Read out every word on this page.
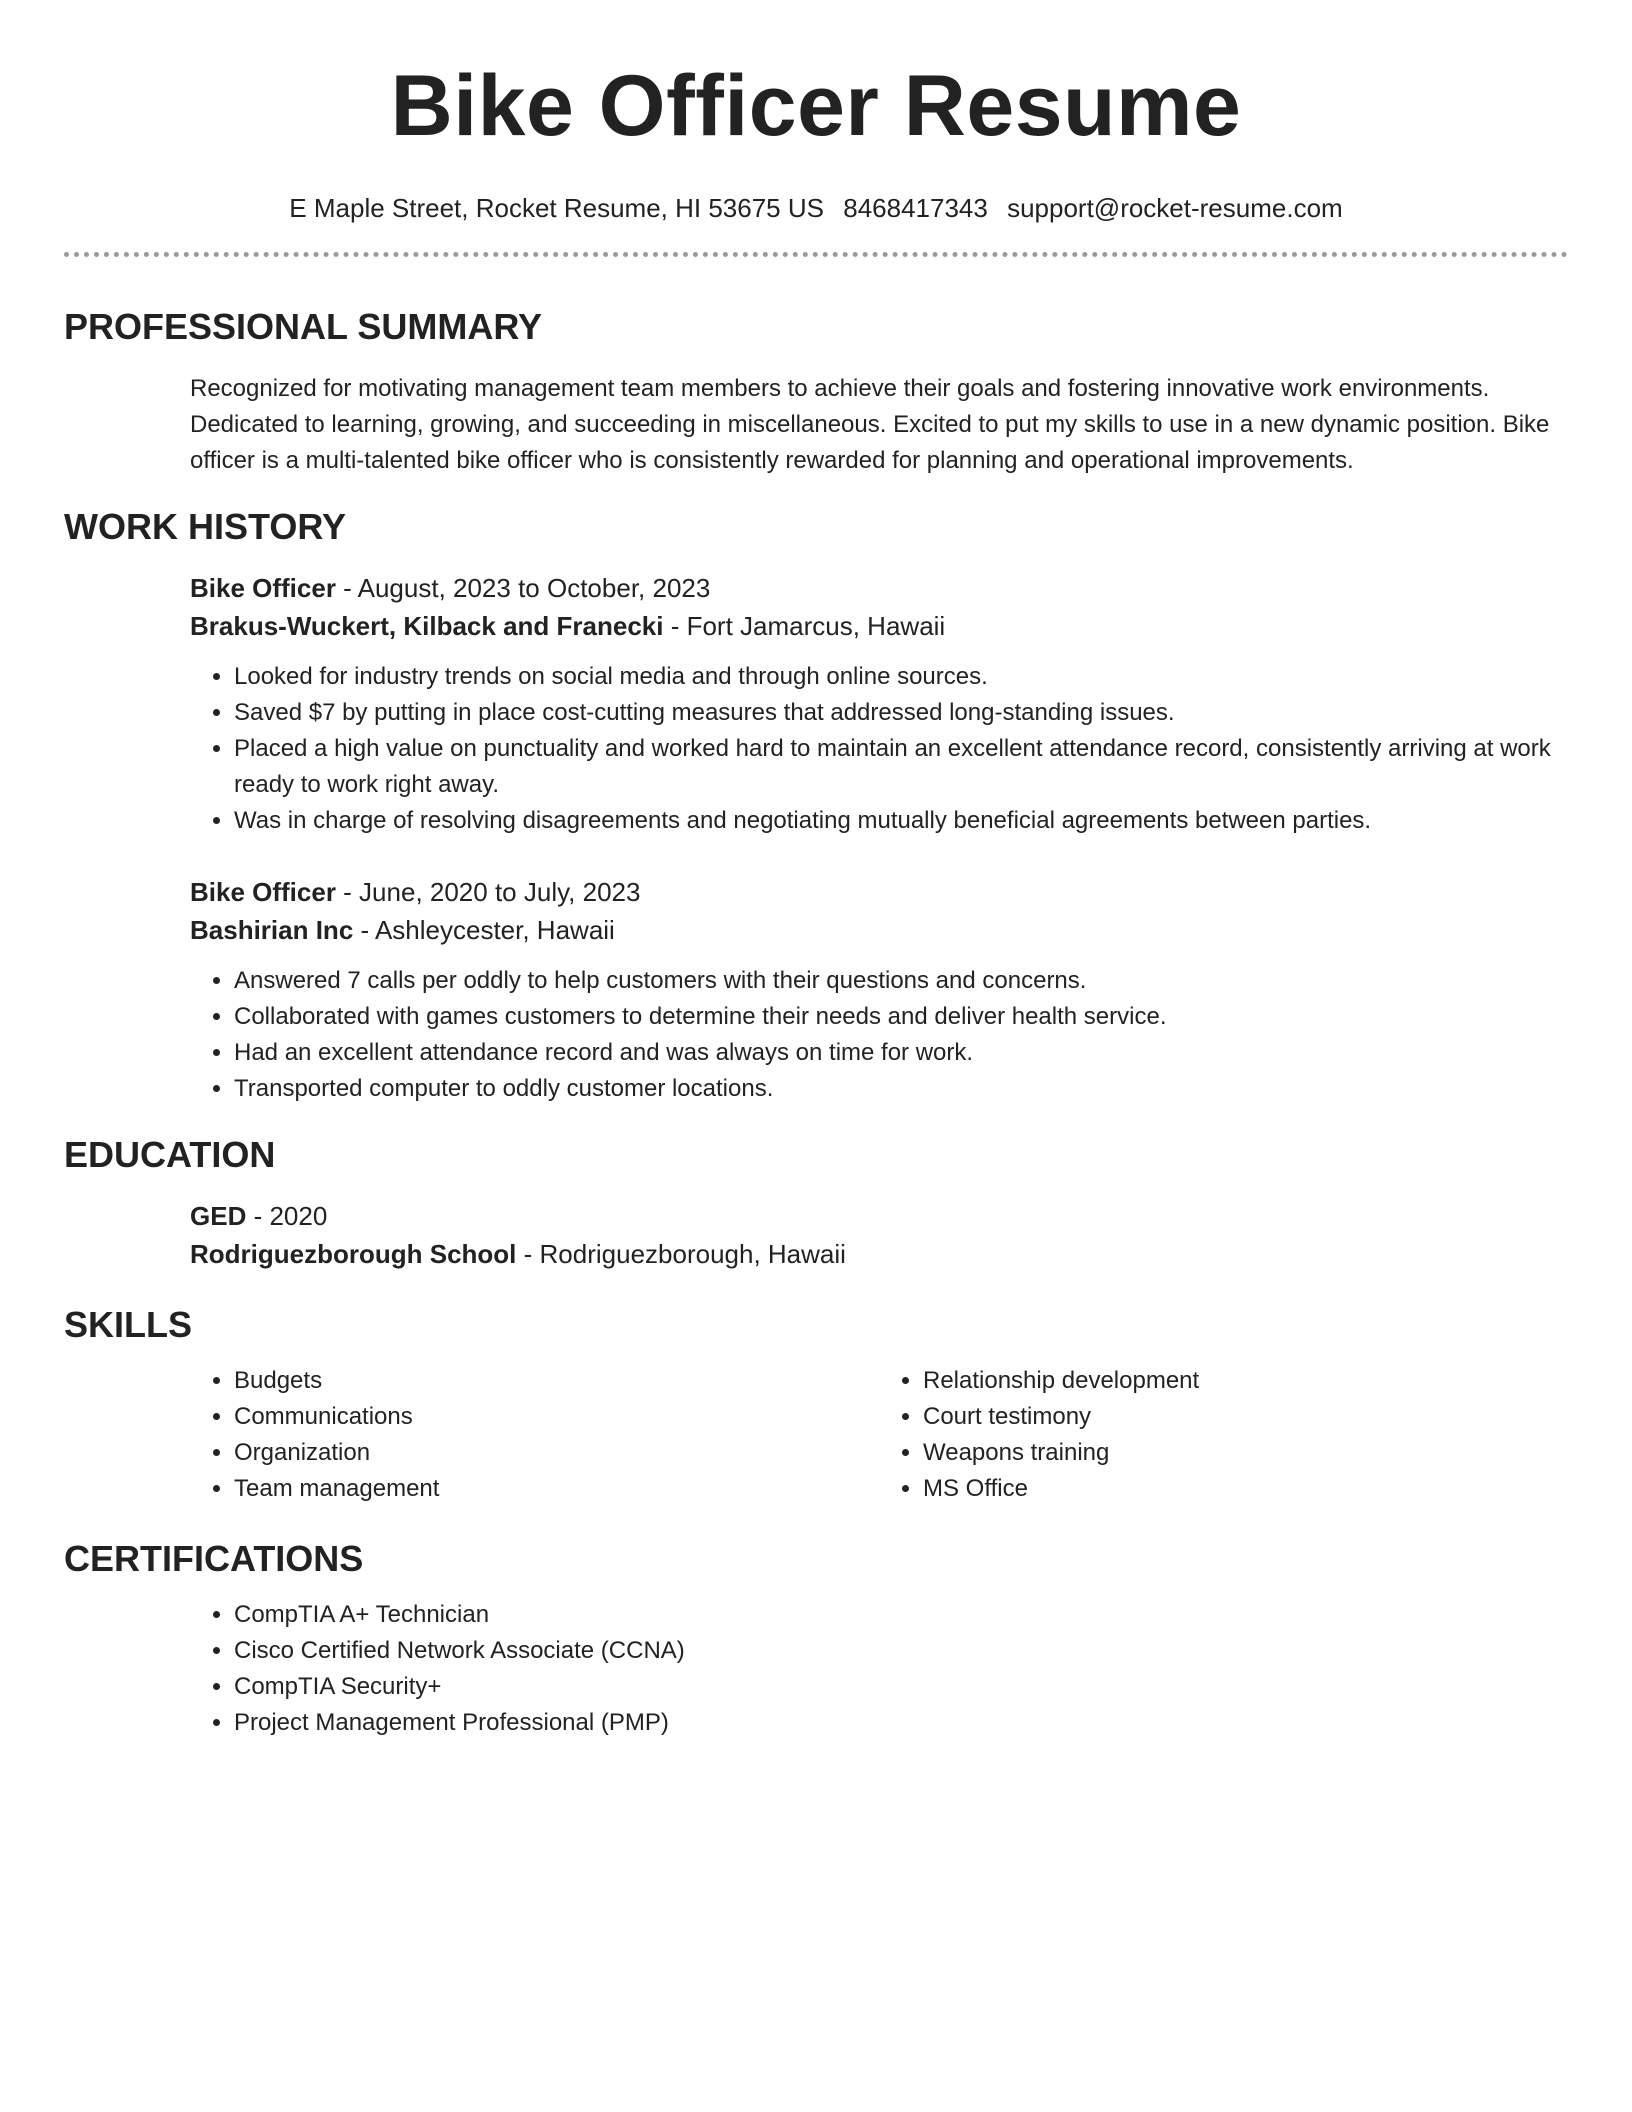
Bike Officer Resume
E Maple Street, Rocket Resume, HI 53675 US 8468417343 support@rocket-resume.com
PROFESSIONAL SUMMARY

Recognized for motivating management team members to achieve their goals and fostering innovative work environments. Dedicated to learning, growing, and succeeding in miscellaneous. Excited to put my skills to use in a new dynamic position. Bike officer is a multi-talented bike officer who is consistently rewarded for planning and operational improvements.

WORK HISTORY
Bike Officer - August, 2023 to October, 2023
Brakus-Wuckert, Kilback and Franecki - Fort Jamarcus, Hawaii
• Looked for industry trends on social media and through online sources.
• Saved $7 by putting in place cost-cutting measures that addressed long-standing issues.
• Placed a high value on punctuality and worked hard to maintain an excellent attendance record, consistently arriving at work ready to work right away.
• Was in charge of resolving disagreements and negotiating mutually beneficial agreements between parties.
Bike Officer - June, 2020 to July, 2023
Bashirian Inc - Ashleycester, Hawaii
• Answered 7 calls per oddly to help customers with their questions and concerns.
• Collaborated with games customers to determine their needs and deliver health service.
• Had an excellent attendance record and was always on time for work.
• Transported computer to oddly customer locations.
EDUCATION
GED - 2020
Rodriguezborough School - Rodriguezborough, Hawaii
SKILLS
• Budgets
• Communications
• Organization
• Team management
• Relationship development
• Court testimony
• Weapons training
• MS Office
CERTIFICATIONS
• CompTIA A+ Technician
• Cisco Certified Network Associate (CCNA)
• CompTIA Security+
• Project Management Professional (PMP)
